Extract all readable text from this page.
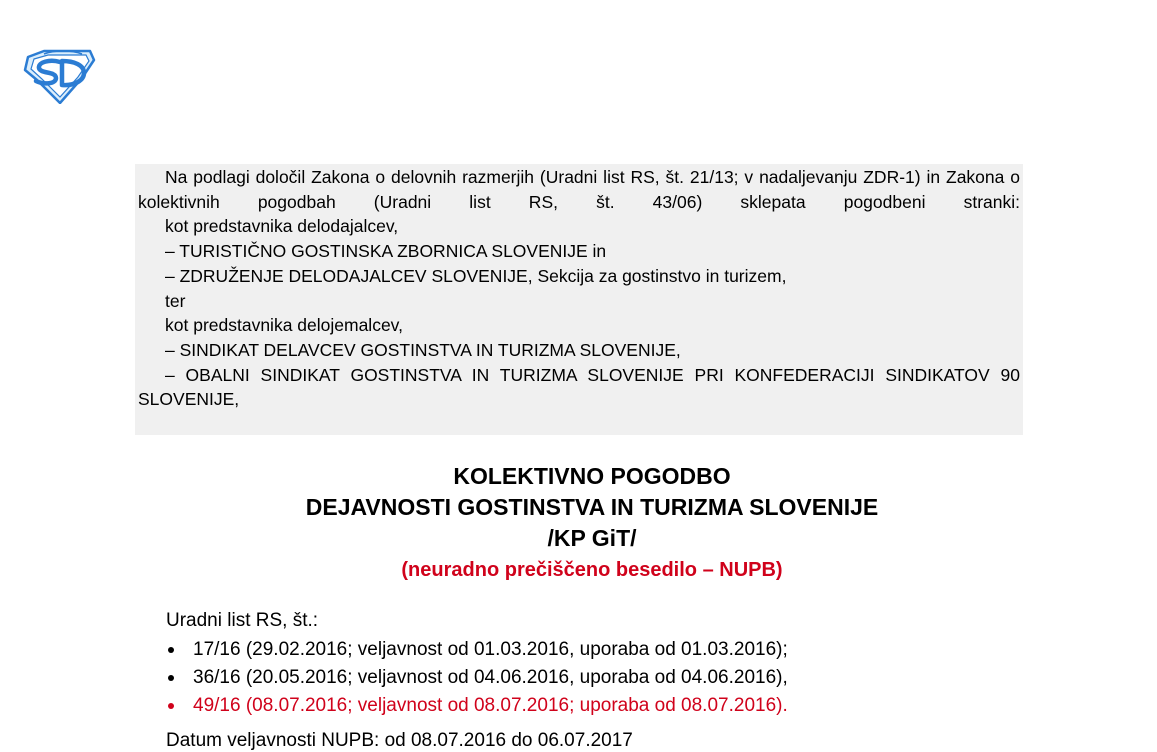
Na podlagi določil Zakona o delovnih razmerjih (Uradni list RS, št. 21/13; v nadaljevanju ZDR-1) in Zakona o kolektivnih pogodbah (Uradni list RS, št. 43/06) sklepata pogodbeni stranki:

kot predstavnika delodajalcev,

– TURISTIČNO GOSTINSKA ZBORNICA SLOVENIJE in

– ZDRUŽENJE DELODAJALCEV SLOVENIJE, Sekcija za gostinstvo in turizem,

ter

kot predstavnika delojemalcev,

– SINDIKAT DELAVCEV GOSTINSTVA IN TURIZMA SLOVENIJE,

– OBALNI SINDIKAT GOSTINSTVA IN TURIZMA SLOVENIJE PRI KONFEDERACIJI SINDIKATOV 90 SLOVENIJE,

KOLEKTIVNO POGODBO
DEJAVNOSTI GOSTINSTVA IN TURIZMA SLOVENIJE
/KP GiT/
(neuradno prečiščeno besedilo – NUPB)
Uradni list RS, št.:
17/16 (29.02.2016; veljavnost od 01.03.2016, uporaba od 01.03.2016);
36/16 (20.05.2016; veljavnost od 04.06.2016, uporaba od 04.06.2016),
49/16 (08.07.2016; veljavnost od 08.07.2016; uporaba od 08.07.2016).
Datum veljavnosti NUPB: od 08.07.2016 do 06.07.2017
